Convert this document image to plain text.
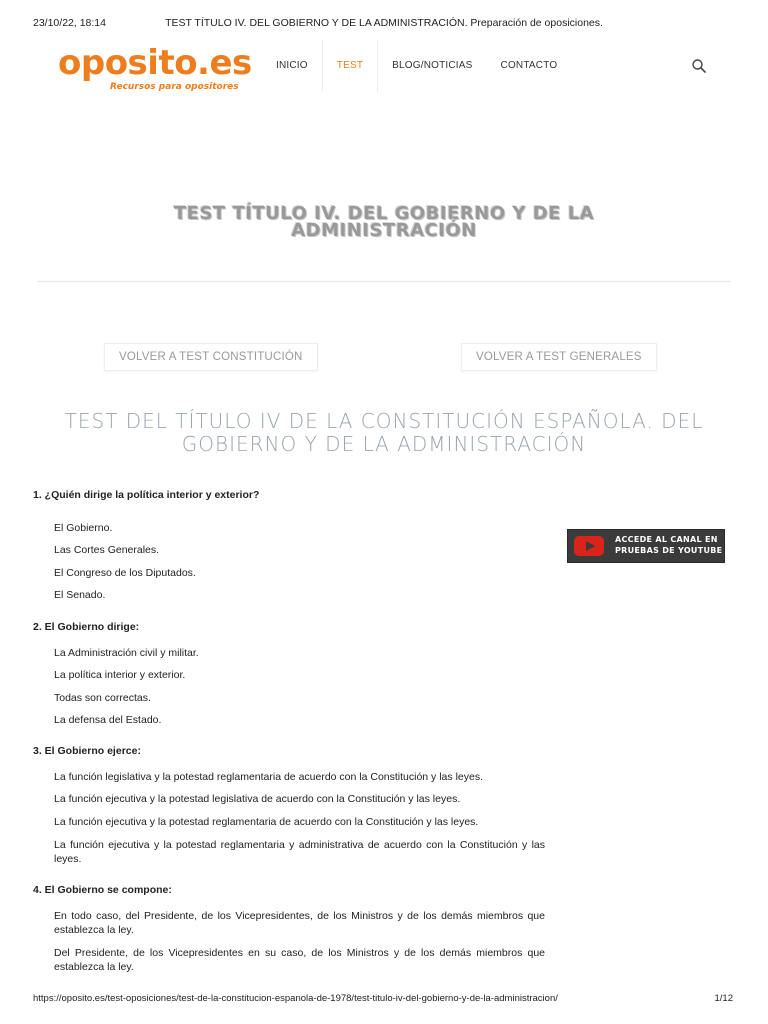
23/10/22, 18:14	TEST TÍTULO IV. DEL GOBIERNO Y DE LA ADMINISTRACIÓN. Preparación de oposiciones.
oposito.es
Recursos para opositores
INICIO	TEST	BLOG/NOTICIAS	CONTACTO
TEST TÍTULO IV. DEL GOBIERNO Y DE LA ADMINISTRACIÓN
VOLVER A TEST CONSTITUCIÓN	VOLVER A TEST GENERALES
TEST DEL TÍTULO IV DE LA CONSTITUCIÓN ESPAÑOLA. DEL GOBIERNO Y DE LA ADMINISTRACIÓN
ACCEDE AL CANAL EN PRUEBAS DE YOUTUBE
1. ¿Quién dirige la política interior y exterior?
El Gobierno.
Las Cortes Generales.
El Congreso de los Diputados.
El Senado.
2. El Gobierno dirige:
La Administración civil y militar.
La política interior y exterior.
Todas son correctas.
La defensa del Estado.
3. El Gobierno ejerce:
La función legislativa y la potestad reglamentaria de acuerdo con la Constitución y las leyes.
La función ejecutiva y la potestad legislativa de acuerdo con la Constitución y las leyes.
La función ejecutiva y la potestad reglamentaria de acuerdo con la Constitución y las leyes.
La función ejecutiva y la potestad reglamentaria y administrativa de acuerdo con la Constitución y las leyes.
4. El Gobierno se compone:
En todo caso, del Presidente, de los Vicepresidentes, de los Ministros y de los demás miembros que establezca la ley.
Del Presidente, de los Vicepresidentes en su caso, de los Ministros y de los demás miembros que establezca la ley.
https://oposito.es/test-oposiciones/test-de-la-constitucion-espanola-de-1978/test-titulo-iv-del-gobierno-y-de-la-administracion/	1/12
